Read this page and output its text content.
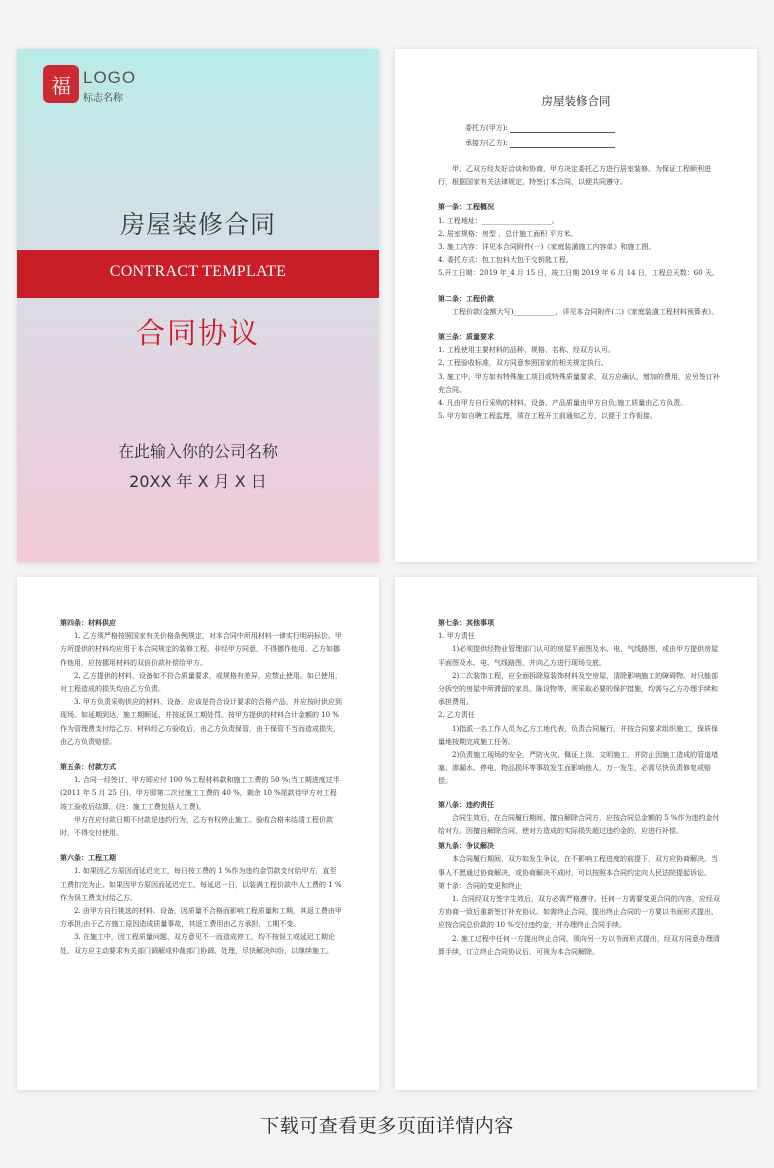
福 LOGO
标志名称
房屋装修合同
CONTRACT TEMPLATE
合同协议
在此输入你的公司名称
20XX 年 X 月 X 日
房屋装修合同
委托方(甲方):
承接方(乙方):

甲、乙双方经友好洽谈和协商，甲方决定委托乙方进行居室装修。为保证工程顺利进行，根据国家有关法律规定，特签订本合同，以便共同遵守。

第一条：工程概况

1. 工程地址：____________________。

2. 居室规格：房型 ，总计施工面积 平方米。

3. 施工内容：详见本合同附件(一)《家庭装潢施工内容单》和施工图。

4. 委托方式：包工包料大包干交钥匙工程。

5.开工日期：2019 年_4 月 15 日，竣工日期 2019 年 6 月 14 日，工程总天数：60 天。

第二条：工程价款

工程价款(金额大写)____________，详见本合同附件(二)《家庭装潢工程材料预算表》。

第三条：质量要求

1. 工程使用主要材料的品种、规格、名称、经双方认可。

2. 工程验收标准，双方同意参照国家的相关规定执行。

3. 施工中，甲方如有特殊施工项目或特殊质量要求，双方应确认，增加的费用，应另签订补充合同。

4. 凡由甲方自行采购的材料、设备、产品质量由甲方自负;施工质量由乙方负责。

5. 甲方如自聘工程监理，须在工程开工前通知乙方，以便于工作衔接。

第四条：材料供应

1. 乙方须严格按照国家有关价格条例规定，对本合同中所用材料一律实行明码标价。甲方所提供的材料均应用于本合同规定的装修工程，非经甲方同意，不得挪作他用。乙方如挪作他用，应按挪用材料的双倍价款补偿给甲方。

2. 乙方提供的材料、设备如不符合质量要求，或规格有差异，应禁止使用。如已使用，对工程造成的损失均由乙方负责。

3. 甲方负责采购供应的材料、设备，应该是符合设计要求的合格产品，并应按时供应到现场。如延期到达，施工期顺延，并按延误工期处罚。按甲方提供的材料合计金额的 10 %作为管理费支付给乙方。材料经乙方验收后，由乙方负责保管，由于保管不当而造成损失，由乙方负责赔偿。

第五条：付款方式

1. 合同一经签订，甲方即应付 100 %工程材料款和施工工费的 50 %;当工期进度过半(2011 年 5 月 25 日)，甲方即第二次付施工工费的 40 %，剩余 10 %尾款待甲方对工程竣工验收后结算。(注：施工工费包括人工费)。

甲方在应付款日期不付款是违约行为，乙方有权停止施工。验收合格未结清工程价款时，不得交付使用。

第六条：工程工期

1. 如果因乙方原因而延迟完工，每日按工费的 1 %作为违约金罚款支付给甲方，直至工费扣完为止。如果因甲方原因而延迟完工，每延迟一日，以装满工程价款中人工费的 1 %作为误工费支付给乙方。

2. 由甲方自行挑选的材料、设备，因质量不合格而影响工程质量和工期，其返工费由甲方承担;由于乙方施工原因造成质量事故，其返工费用由乙方承担，工期不变。

3. 在施工中，因工程质量问题、双方意见不一而造成停工，均不按误工或延迟工期论处，双方应主动要求有关部门调解或仲裁部门协调、处理，尽快解决纠纷，以继续施工。

第七条：其他事项

1. 甲方责任

1)必须提供经物业管理部门认可的房屋平面图及水、电、气线路图，或由甲方提供房屋平面图及水、电、气线路图，并向乙方进行现场交底。

2)二次装饰工程，应全面拆除原装饰材料及空房屋，清除影响施工的障碍物。对只能部分拆空的房屋中所滞留的家具、陈设物等，须采取必要的保护措施，均需与乙方办理手续和承担费用。

2. 乙方责任

1)指派一名工作人员为乙方工地代表，负责合同履行，并按合同要求组织施工，保质保量地按期完成施工任务。

2)负责施工现场的安全，严防火灾、佩证上岗、文明施工，并防止因施工造成的管道堵塞、渗漏水、停电、物品损坏等事故发生而影响他人，万一发生，必需尽快负责修复或赔偿。

第八条：违约责任

合同生效后，在合同履行期间，擅自解除合同方，应按合同总金额的 5 %作为违约金付给对方。因擅自解除合同，使对方造成的实际损失超过违约金的，应进行补偿。

第九条：争议解决

本合同履行期间，双方如发生争议，在不影响工程进度的前提下，双方应协商解决。当事人不愿通过协商解决，或协商解决不成时，可以按照本合同约定向人民法院提起诉讼。

第十条：合同的变更和终止

1. 合同经双方签字生效后，双方必需严格遵守。任何一方需要变更合同的内容，应经双方协商一致后重新签订补充协议。如需终止合同，提出终止合同的一方要以书面形式提出，应按合同总价款的 10 %交付违约金，并办理终止合同手续。

2. 施工过程中任何一方提出终止合同，须向另一方以书面形式提出，经双方同意办理清算手续，订立终止合同协议后，可视为本合同解除。

下载可查看更多页面详情内容
